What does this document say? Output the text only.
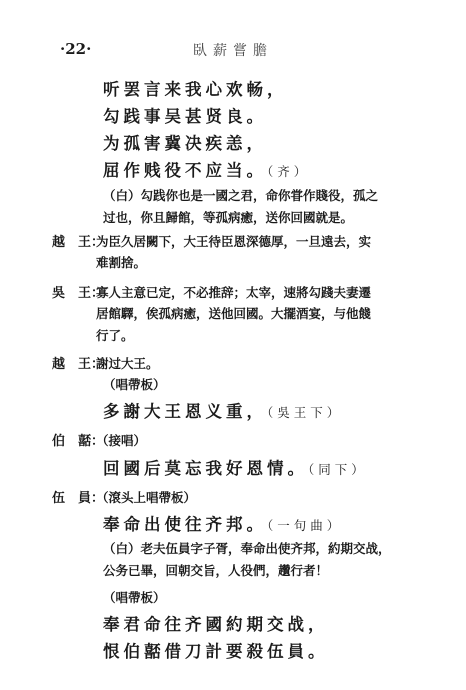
·22·	臥薪嘗膽
听罢言来我心欢畅，
勾践事吴甚贤良。
为孤害冀决疾恙，
屈作贱役不应当。（齐）
（白）勾践你也是一國之君，命你甞作賤役，孤之
过也，你且歸館，等孤病癒，送你回國就是。
越　王：为臣久居闕下，大王待臣恩深德厚，一旦遠去，实
难割捨。
吳　王：寡人主意已定，不必推辞；太宰，速將勾踐夫妻遷
居館驛，俟孤病癒，送他回國。大擺酒宴，与他餞
行了。
越　王：謝过大王。
（唱帶板）
多謝大王恩义重，（吳王下）
伯　嚭：（接唱）
回國后莫忘我好恩情。（同下）
伍　員：（滾头上唱帶板）
奉命出使往齐邦。（一句曲）
（白）老夫伍員字子胥，奉命出使齐邦，約期交战，
公务已畢，回朝交旨，人役們，趲行者！
（唱帶板）
奉君命往齐國約期交战，
恨伯嚭借刀計要殺伍員。
